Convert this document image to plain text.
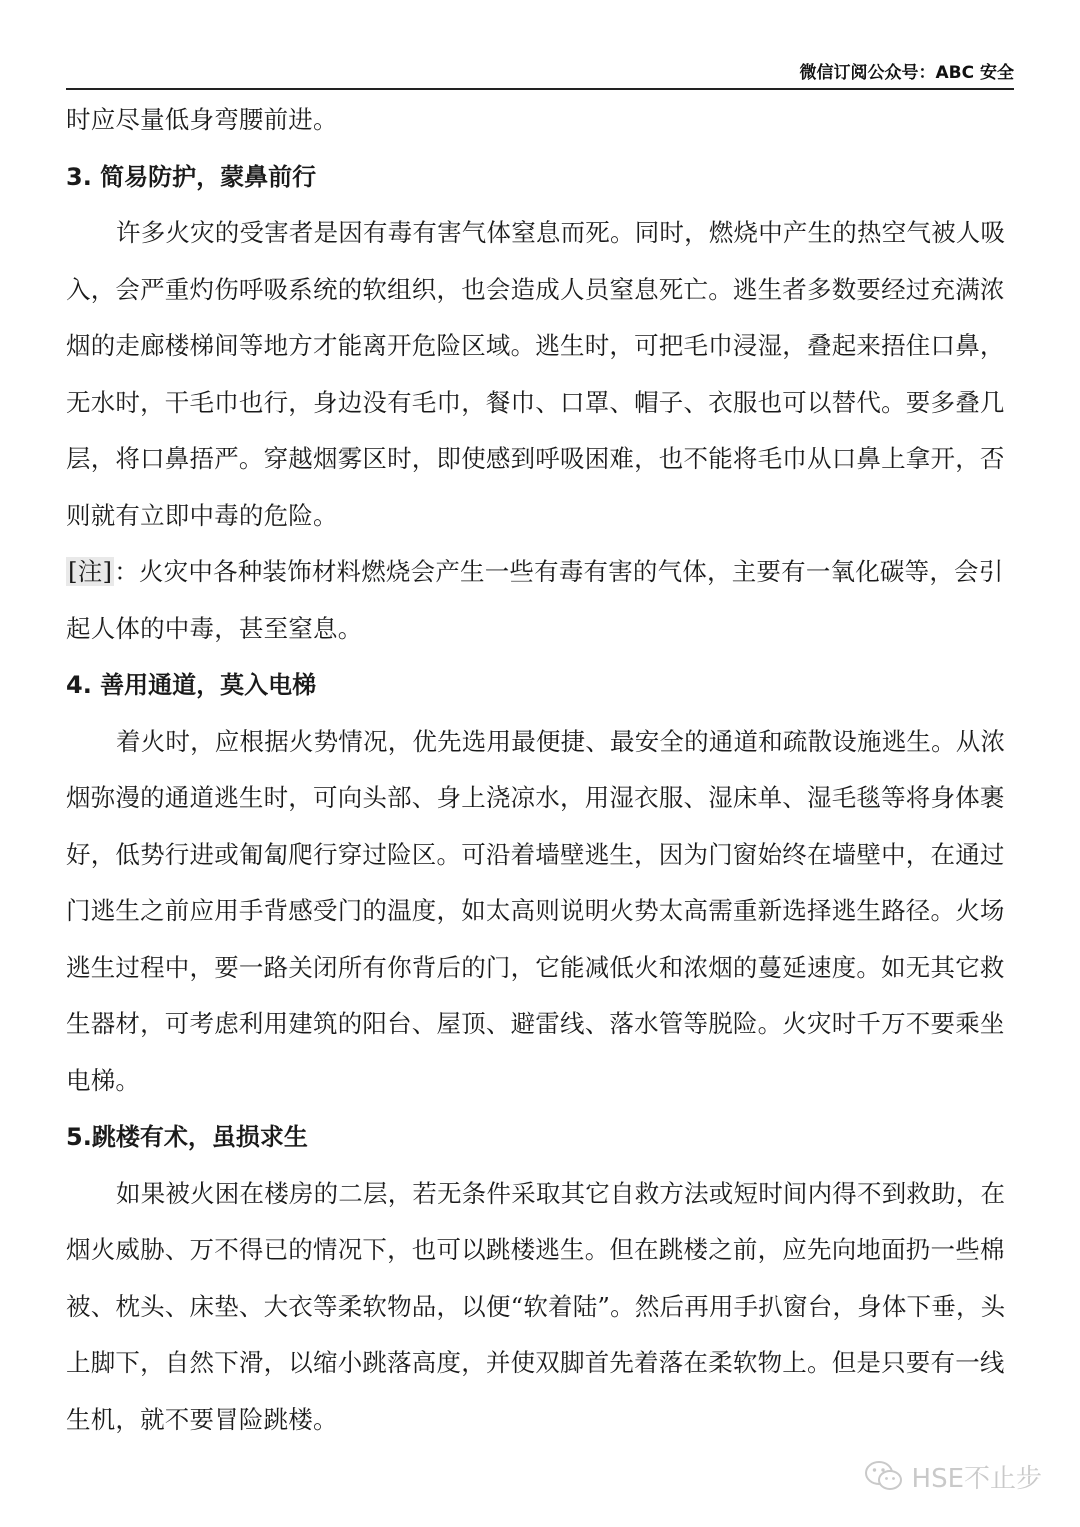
微信订阅公众号：ABC 安全

时应尽量低身弯腰前进。

3. 简易防护，蒙鼻前行

许多火灾的受害者是因有毒有害气体窒息而死。同时，燃烧中产生的热空气被人吸入，会严重灼伤呼吸系统的软组织，也会造成人员窒息死亡。逃生者多数要经过充满浓烟的走廊楼梯间等地方才能离开危险区域。逃生时，可把毛巾浸湿，叠起来捂住口鼻，无水时，干毛巾也行，身边没有毛巾，餐巾、口罩、帽子、衣服也可以替代。要多叠几层，将口鼻捂严。穿越烟雾区时，即使感到呼吸困难，也不能将毛巾从口鼻上拿开，否则就有立即中毒的危险。

[注]：火灾中各种装饰材料燃烧会产生一些有毒有害的气体，主要有一氧化碳等，会引起人体的中毒，甚至窒息。

4. 善用通道，莫入电梯

着火时，应根据火势情况，优先选用最便捷、最安全的通道和疏散设施逃生。从浓烟弥漫的通道逃生时，可向头部、身上浇凉水，用湿衣服、湿床单、湿毛毯等将身体裹好，低势行进或匍匐爬行穿过险区。可沿着墙壁逃生，因为门窗始终在墙壁中，在通过门逃生之前应用手背感受门的温度，如太高则说明火势太高需重新选择逃生路径。火场逃生过程中，要一路关闭所有你背后的门，它能减低火和浓烟的蔓延速度。如无其它救生器材，可考虑利用建筑的阳台、屋顶、避雷线、落水管等脱险。火灾时千万不要乘坐电梯。

5.跳楼有术，虽损求生

如果被火困在楼房的二层，若无条件采取其它自救方法或短时间内得不到救助，在烟火威胁、万不得已的情况下，也可以跳楼逃生。但在跳楼之前，应先向地面扔一些棉被、枕头、床垫、大衣等柔软物品，以便“软着陆”。然后再用手扒窗台，身体下垂，头上脚下，自然下滑，以缩小跳落高度，并使双脚首先着落在柔软物上。但是只要有一线生机，就不要冒险跳楼。

HSE不止步
